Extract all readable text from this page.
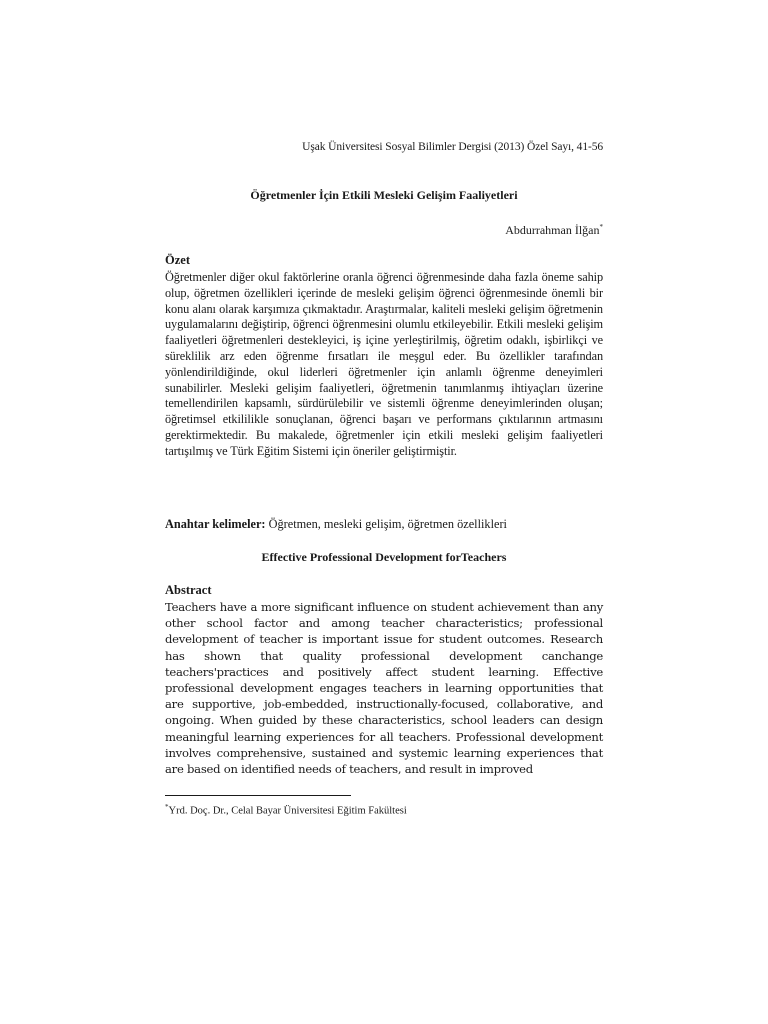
Uşak Üniversitesi Sosyal Bilimler Dergisi (2013) Özel Sayı, 41-56
Öğretmenler İçin Etkili Mesleki Gelişim Faaliyetleri
Abdurrahman İlğan*
Özet
Öğretmenler diğer okul faktörlerine oranla öğrenci öğrenmesinde daha fazla öneme sahip olup, öğretmen özellikleri içerinde de mesleki gelişim öğrenci öğrenmesinde önemli bir konu alanı olarak karşımıza çıkmaktadır. Araştırmalar, kaliteli mesleki gelişim öğretmenin uygulamalarını değiştirip, öğrenci öğrenmesini olumlu etkileyebilir. Etkili mesleki gelişim faaliyetleri öğretmenleri destekleyici, iş içine yerleştirilmiş, öğretim odaklı, işbirlikçi ve süreklilik arz eden öğrenme fırsatları ile meşgul eder. Bu özellikler tarafından yönlendirildiğinde, okul liderleri öğretmenler için anlamlı öğrenme deneyimleri sunabilirler. Mesleki gelişim faaliyetleri, öğretmenin tanımlanmış ihtiyaçları üzerine temellendirilen kapsamlı, sürdürülebilir ve sistemli öğrenme deneyimlerinden oluşan; öğretimsel etkililikle sonuçlanan, öğrenci başarı ve performans çıktılarının artmasını gerektirmektedir. Bu makalede, öğretmenler için etkili mesleki gelişim faaliyetleri tartışılmış ve Türk Eğitim Sistemi için öneriler geliştirmiştir.
Anahtar kelimeler: Öğretmen, mesleki gelişim, öğretmen özellikleri
Effective Professional Development forTeachers
Abstract
Teachers have a more significant influence on student achievement than any other school factor and among teacher characteristics; professional development of teacher is important issue for student outcomes. Research has shown that quality professional development canchange teachers'practices and positively affect student learning. Effective professional development engages teachers in learning opportunities that are supportive, job-embedded, instructionally-focused, collaborative, and ongoing. When guided by these characteristics, school leaders can design meaningful learning experiences for all teachers. Professional development involves comprehensive, sustained and systemic learning experiences that are based on identified needs of teachers, and result in improved
*Yrd. Doç. Dr., Celal Bayar Üniversitesi Eğitim Fakültesi
